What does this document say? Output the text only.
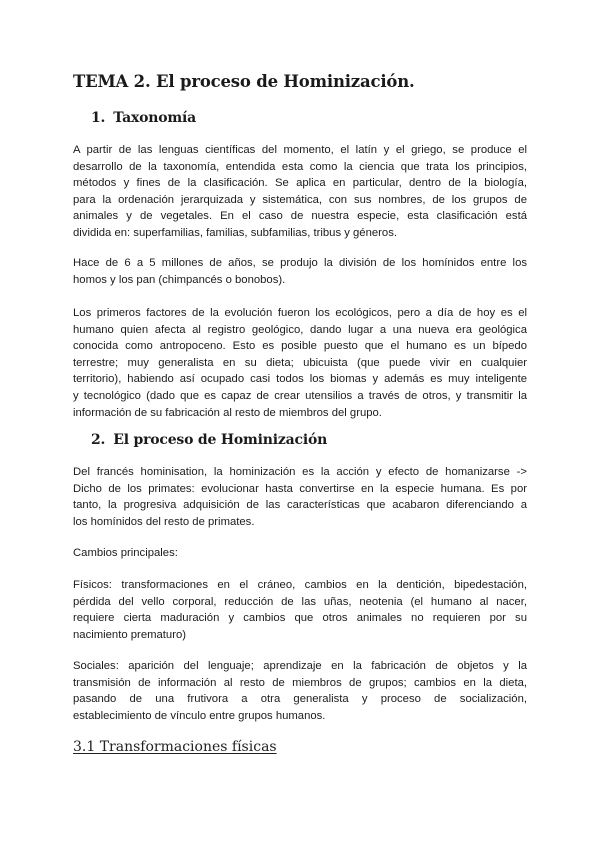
TEMA 2. El proceso de Hominización.
1. Taxonomía

A partir de las lenguas científicas del momento, el latín y el griego, se produce el
desarrollo de la taxonomía, entendida esta como la ciencia que trata los principios,
métodos y fines de la clasificación. Se aplica en particular, dentro de la biología,
para la ordenación jerarquizada y sistemática, con sus nombres, de los grupos de
animales y de vegetales. En el caso de nuestra especie, esta clasificación está
dividida en: superfamilias, familias, subfamilias, tribus y géneros.

Hace de 6 a 5 millones de años, se produjo la división de los homínidos entre los
homos y los pan (chimpancés o bonobos).

Los primeros factores de la evolución fueron los ecológicos, pero a día de hoy es el
humano quien afecta al registro geológico, dando lugar a una nueva era geológica
conocida como antropoceno. Esto es posible puesto que el humano es un bípedo
terrestre; muy generalista en su dieta; ubicuista (que puede vivir en cualquier
territorio), habiendo así ocupado casi todos los biomas y además es muy inteligente
y tecnológico (dado que es capaz de crear utensilios a través de otros, y transmitir la
información de su fabricación al resto de miembros del grupo.

2. El proceso de Hominización

Del francés hominisation, la hominización es la acción y efecto de homanizarse ->
Dicho de los primates: evolucionar hasta convertirse en la especie humana. Es por
tanto, la progresiva adquisición de las características que acabaron diferenciando a
los homínidos del resto de primates.

Cambios principales:

Físicos: transformaciones en el cráneo, cambios en la dentición, bipedestación,
pérdida del vello corporal, reducción de las uñas, neotenia (el humano al nacer,
requiere cierta maduración y cambios que otros animales no requieren por su
nacimiento prematuro)

Sociales: aparición del lenguaje; aprendizaje en la fabricación de objetos y la
transmisión de información al resto de miembros de grupos; cambios en la dieta,
pasando de una frutivora a otra generalista y proceso de socialización,
establecimiento de vínculo entre grupos humanos.

3.1 Transformaciones físicas
